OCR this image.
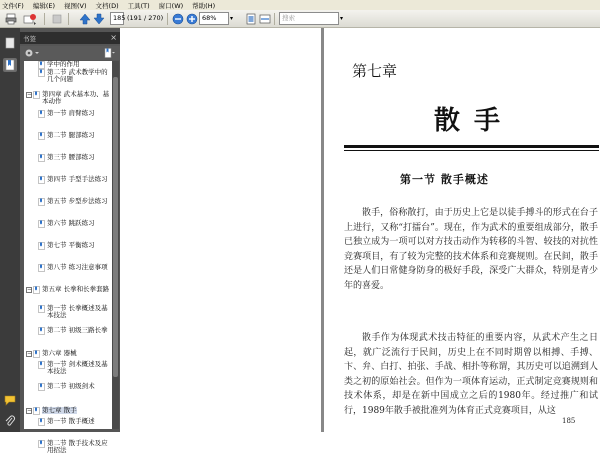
文件(F) 编辑(E) 视图(V) 文档(D) 工具(T) 窗口(W) 帮助(H)
185 (191 / 270)	68%	▾	搜索	▾
书签	×
学中的作用
第二节 武术教学中的几个问题
− 第四章 武术基本功、基本动作
第一节 肩臂练习
第二节 腿部练习
第三节 腰部练习
第四节 手型手法练习
第五节 步型步法练习
第六节 跳跃练习
第七节 平衡练习
第八节 练习注意事项
− 第五章 长拳和长拳套路
第一节 长拳概述及基本技法
第二节 初级三路长拳
− 第六章 器械
第一节 剑术概述及基本技法
第二节 初级剑术
− 第七章 散手
第一节 散手概述
第二节 散手技术及应用招法
第七章
散手
第一节 散手概述

散手，俗称散打，由于历史上它是以徒手搏斗的形式在台子上进行，又称“打擂台”。现在，作为武术的重要组成部分，散手已独立成为一项可以对方技击动作为转移的斗智、较技的对抗性竞赛项目，有了较为完整的技术体系和竞赛规则。在民间，散手还是人们日常健身防身的极好手段，深受广大群众，特别是青少年的喜爱。

散手作为体现武术技击特征的重要内容，从武术产生之日起，就广泛流行于民间，历史上在不同时期曾以相搏、手搏、卞、弁、白打、拍张、手战、相扑等称谓，其历史可以追溯到人类之初的原始社会。但作为一项体育运动，正式制定竞赛规则和技术体系，却是在新中国成立之后的1980年。经过推广和试行，1989年散手被批准列为体育正式竞赛项目，从这

185
